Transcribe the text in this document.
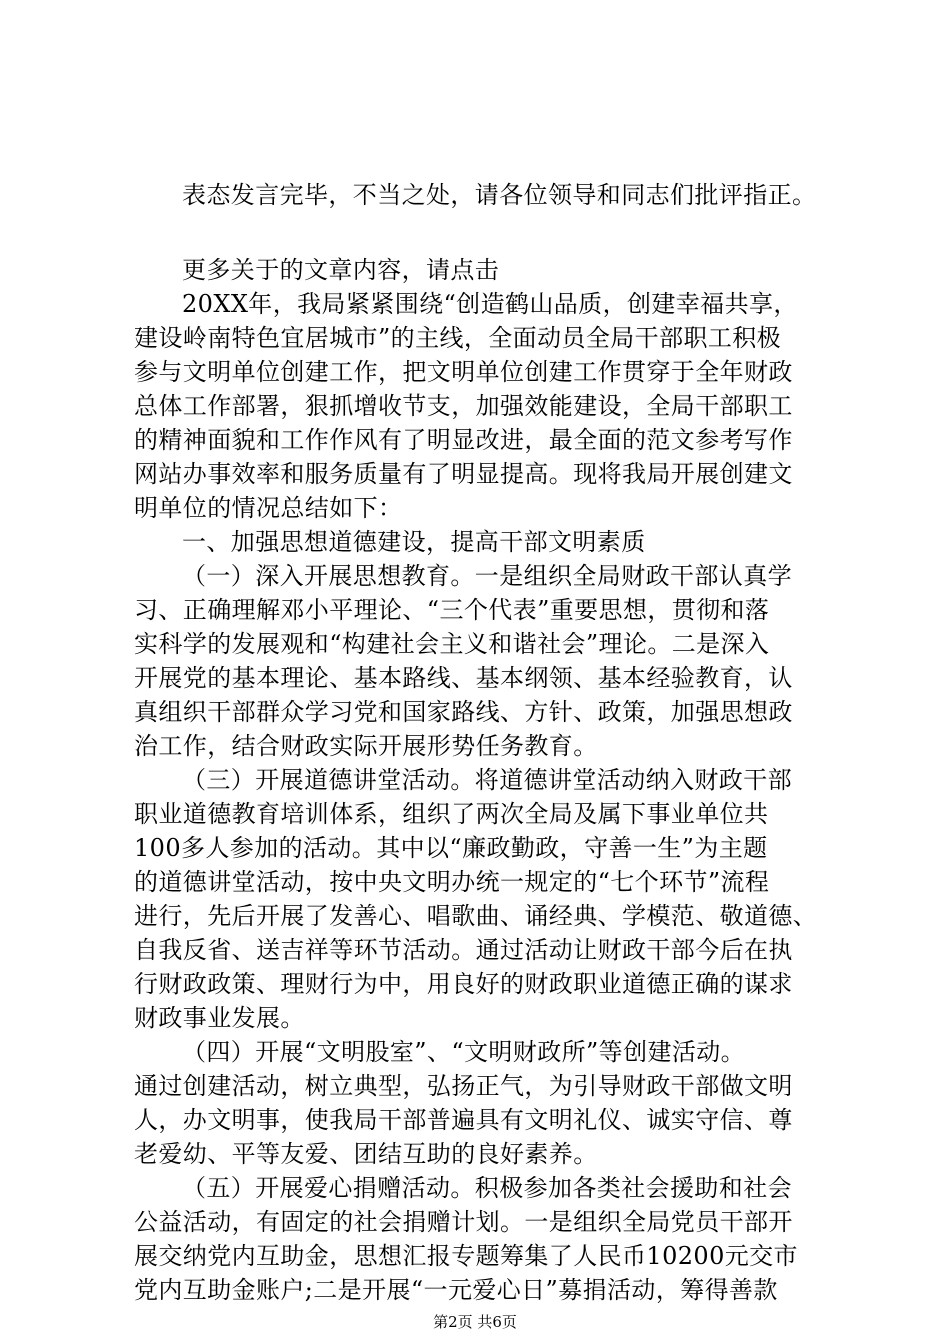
表态发言完毕，不当之处，请各位领导和同志们批评指正。
更多关于的文章内容，请点击
20XX年，我局紧紧围绕“创造鹤山品质，创建幸福共享，
建设岭南特色宜居城市”的主线，全面动员全局干部职工积极
参与文明单位创建工作，把文明单位创建工作贯穿于全年财政
总体工作部署，狠抓增收节支，加强效能建设，全局干部职工
的精神面貌和工作作风有了明显改进，最全面的范文参考写作
网站办事效率和服务质量有了明显提高。现将我局开展创建文
明单位的情况总结如下：
一、加强思想道德建设，提高干部文明素质
（一）深入开展思想教育。一是组织全局财政干部认真学
习、正确理解邓小平理论、“三个代表”重要思想，贯彻和落
实科学的发展观和“构建社会主义和谐社会”理论。二是深入
开展党的基本理论、基本路线、基本纲领、基本经验教育，认
真组织干部群众学习党和国家路线、方针、政策，加强思想政
治工作，结合财政实际开展形势任务教育。
（三）开展道德讲堂活动。将道德讲堂活动纳入财政干部
职业道德教育培训体系，组织了两次全局及属下事业单位共
100多人参加的活动。其中以“廉政勤政，守善一生”为主题
的道德讲堂活动，按中央文明办统一规定的“七个环节”流程
进行，先后开展了发善心、唱歌曲、诵经典、学模范、敬道德、
自我反省、送吉祥等环节活动。通过活动让财政干部今后在执
行财政政策、理财行为中，用良好的财政职业道德正确的谋求
财政事业发展。
（四）开展“文明股室”、“文明财政所”等创建活动。
通过创建活动，树立典型，弘扬正气，为引导财政干部做文明
人，办文明事，使我局干部普遍具有文明礼仪、诚实守信、尊
老爱幼、平等友爱、团结互助的良好素养。
（五）开展爱心捐赠活动。积极参加各类社会援助和社会
公益活动，有固定的社会捐赠计划。一是组织全局党员干部开
展交纳党内互助金，思想汇报专题筹集了人民币10200元交市
党内互助金账户;二是开展“一元爱心日”募捐活动，筹得善款
第2页 共6页
